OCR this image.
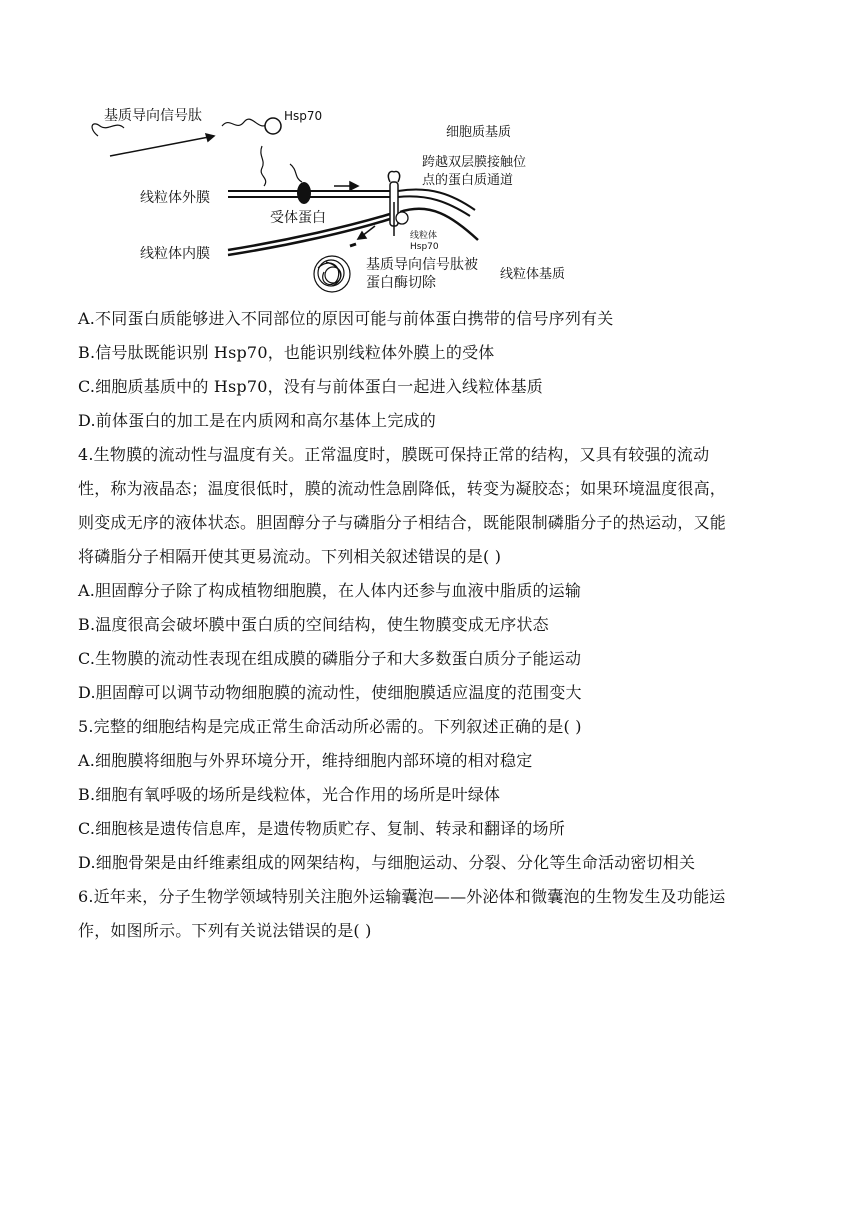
基质导向信号肽	Hsp70
细胞质基质
跨越双层膜接触位
点的蛋白质通道
线粒体外膜
受体蛋白
线粒体内膜
线粒体
Hsp70
基质导向信号肽被
蛋白酶切除
线粒体基质
A.不同蛋白质能够进入不同部位的原因可能与前体蛋白携带的信号序列有关
B.信号肽既能识别 Hsp70，也能识别线粒体外膜上的受体
C.细胞质基质中的 Hsp70，没有与前体蛋白一起进入线粒体基质
D.前体蛋白的加工是在内质网和高尔基体上完成的
4.生物膜的流动性与温度有关。正常温度时，膜既可保持正常的结构，又具有较强的流动
性，称为液晶态；温度很低时，膜的流动性急剧降低，转变为凝胶态；如果环境温度很高，
则变成无序的液体状态。胆固醇分子与磷脂分子相结合，既能限制磷脂分子的热运动，又能
将磷脂分子相隔开使其更易流动。下列相关叙述错误的是( )
A.胆固醇分子除了构成植物细胞膜，在人体内还参与血液中脂质的运输
B.温度很高会破坏膜中蛋白质的空间结构，使生物膜变成无序状态
C.生物膜的流动性表现在组成膜的磷脂分子和大多数蛋白质分子能运动
D.胆固醇可以调节动物细胞膜的流动性，使细胞膜适应温度的范围变大
5.完整的细胞结构是完成正常生命活动所必需的。下列叙述正确的是( )
A.细胞膜将细胞与外界环境分开，维持细胞内部环境的相对稳定
B.细胞有氧呼吸的场所是线粒体，光合作用的场所是叶绿体
C.细胞核是遗传信息库，是遗传物质贮存、复制、转录和翻译的场所
D.细胞骨架是由纤维素组成的网架结构，与细胞运动、分裂、分化等生命活动密切相关
6.近年来，分子生物学领域特别关注胞外运输囊泡——外泌体和微囊泡的生物发生及功能运
作，如图所示。下列有关说法错误的是( )
